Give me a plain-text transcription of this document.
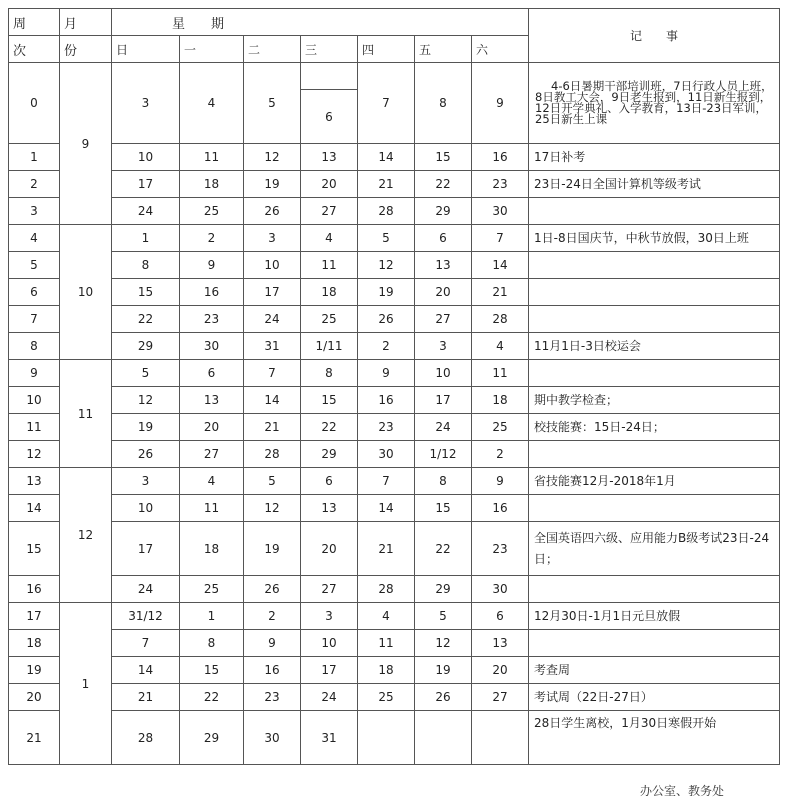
周	月	星　　期							记　　事
次	份	日	一	二	三	四	五	六	
0	9	3	4	5	6	7	8	9	4-6日暑期干部培训班，7日行政人员上班，8日教工大会，9日老生报到，11日新生报到，12日开学典礼、入学教育，13日-23日军训，25日新生上课
1		10	11	12	13	14	15	16	17日补考
2		17	18	19	20	21	22	23	23日-24日全国计算机等级考试
3		24	25	26	27	28	29	30	
4	10	1	2	3	4	5	6	7	1日-8日国庆节，中秋节放假，30日上班
5		8	9	10	11	12	13	14	
6		15	16	17	18	19	20	21	
7		22	23	24	25	26	27	28	
8		29	30	31	1/11	2	3	4	11月1日-3日校运会
9	11	5	6	7	8	9	10	11	
10		12	13	14	15	16	17	18	期中教学检查；
11		19	20	21	22	23	24	25	校技能赛：15日-24日；
12		26	27	28	29	30	1/12	2	
13	12	3	4	5	6	7	8	9	省技能赛12月-2018年1月
14		10	11	12	13	14	15	16	
15		17	18	19	20	21	22	23	全国英语四六级、应用能力B级考试23日-24日；
16		24	25	26	27	28	29	30	
17	1	31/12	1	2	3	4	5	6	12月30日-1月1日元旦放假
18		7	8	9	10	11	12	13	
19		14	15	16	17	18	19	20	考查周
20		21	22	23	24	25	26	27	考试周（22日-27日）
21		28	29	30	31				28日学生离校，1月30日寒假开始
办公室、教务处
